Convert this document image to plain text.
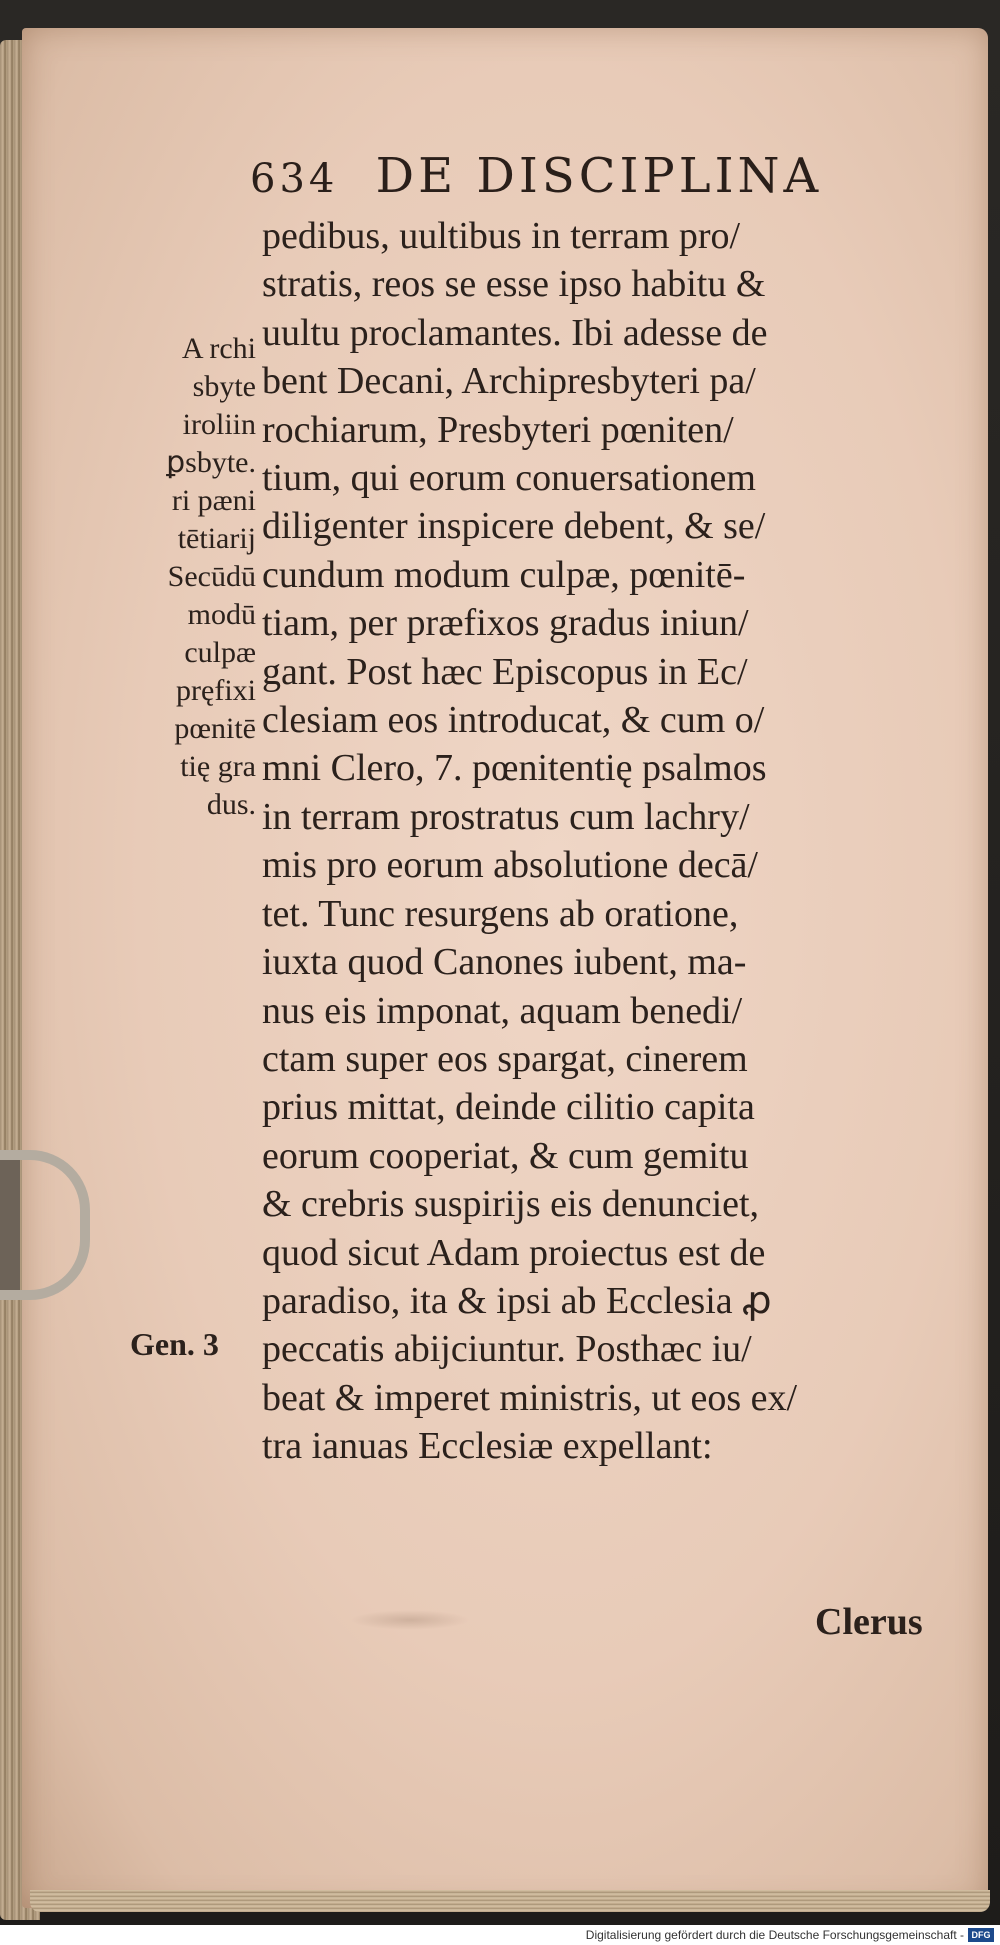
634 DE DISCIPLINA
pedibus, uultibus in terram pro/
stratis, reos se esse ipso habitu &
uultu proclamantes. Ibi adesse de
bent Decani, Archipresbyteri pa/
rochiarum, Presbyteri pœniten/
tium, qui eorum conuersationem
diligenter inspicere debent, & se/
cundum modum culpæ, pœnitē-
tiam, per præfixos gradus iniun/
gant. Post hæc Episcopus in Ec/
clesiam eos introducat, & cum o/
mni Clero, 7. pœnitentię psalmos
in terram prostratus cum lachry/
mis pro eorum absolutione decā/
tet. Tunc resurgens ab oratione,
iuxta quod Canones iubent, ma-
nus eis imponat, aquam benedi/
ctam super eos spargat, cinerem
prius mittat, deinde cilitio capita
eorum cooperiat, & cum gemitu
& crebris suspirijs eis denunciet,
quod sicut Adam proiectus est de
paradiso, ita & ipsi ab Ecclesia ꝓ
peccatis abijciuntur. Posthæc iu/
beat & imperet ministris, ut eos ex/
tra ianuas Ecclesiæ expellant:
A rchi
sbyte
iroliin
ꝑsbyte.
ri pæni
tētiarij
Secūdū
modū
culpæ
pręfixi
pœnitē
tię gra
dus.
Gen. 3
Clerus
Digitalisierung gefördert durch die Deutsche Forschungsgemeinschaft - DFG
